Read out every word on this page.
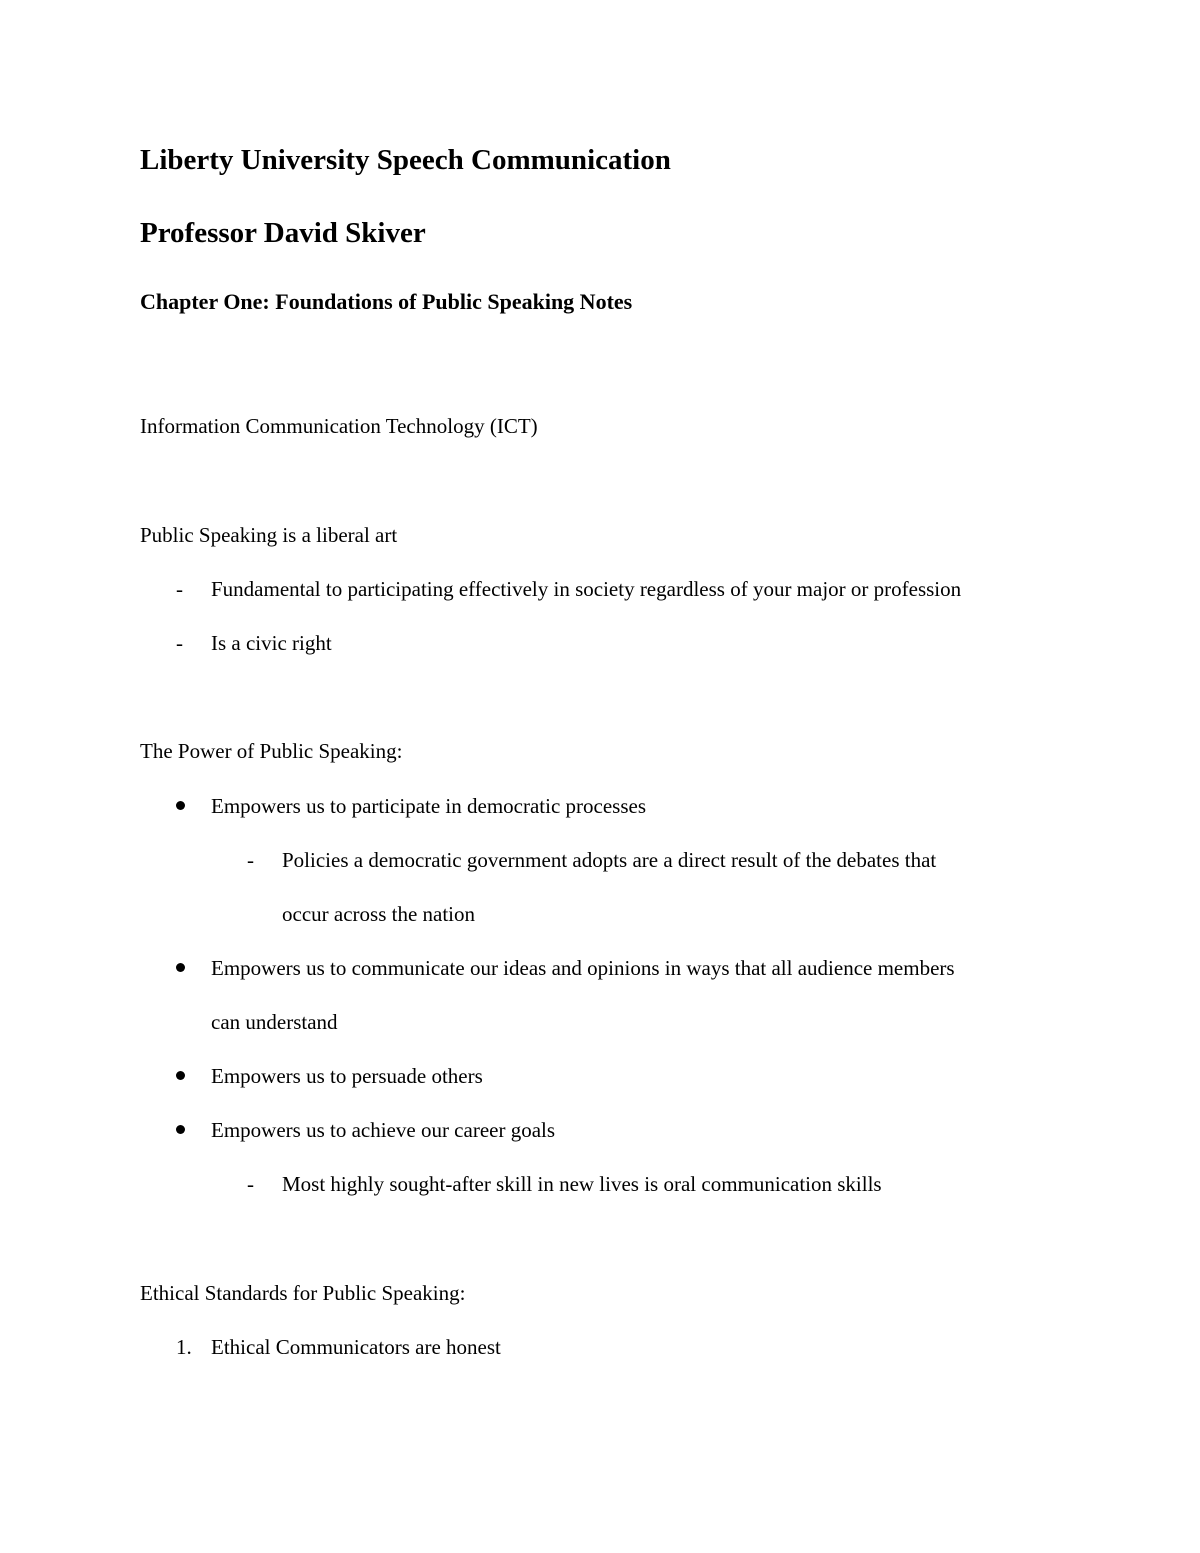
Liberty University Speech Communication
Professor David Skiver
Chapter One: Foundations of Public Speaking Notes
Information Communication Technology (ICT)
Public Speaking is a liberal art
- Fundamental to participating effectively in society regardless of your major or profession
- Is a civic right
The Power of Public Speaking:
Empowers us to participate in democratic processes
- Policies a democratic government adopts are a direct result of the debates that
occur across the nation
Empowers us to communicate our ideas and opinions in ways that all audience members
can understand
Empowers us to persuade others
Empowers us to achieve our career goals
- Most highly sought-after skill in new lives is oral communication skills
Ethical Standards for Public Speaking:
1. Ethical Communicators are honest
